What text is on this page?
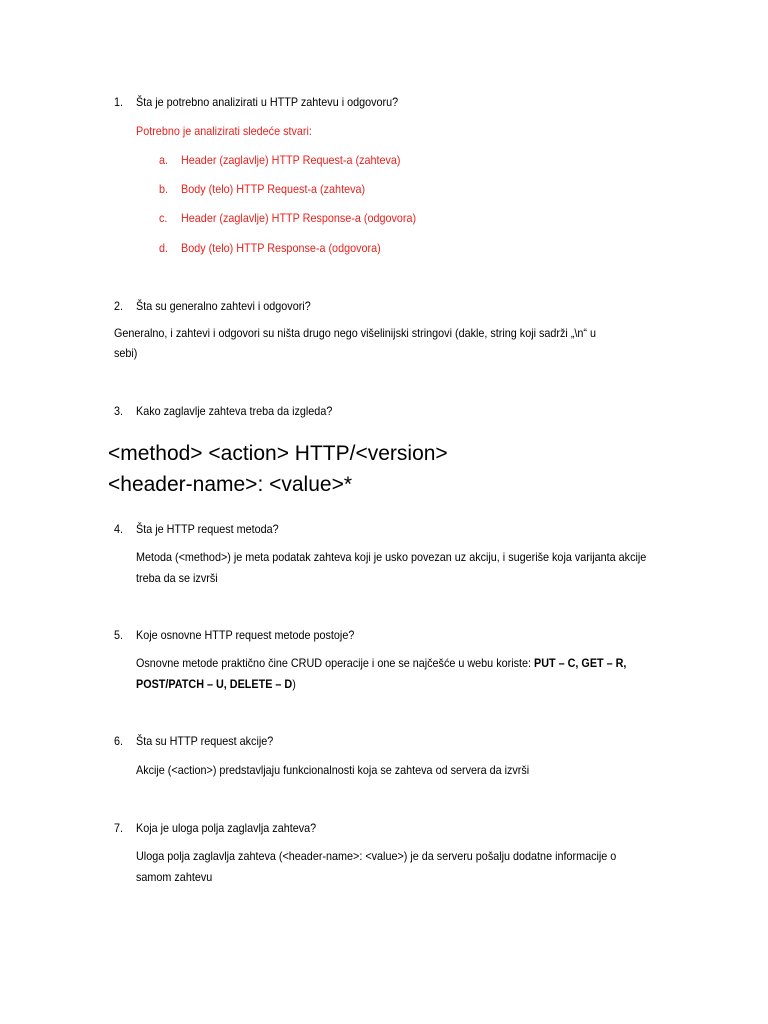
1. Šta je potrebno analizirati u HTTP zahtevu i odgovoru?
Potrebno je analizirati sledeće stvari:
a. Header (zaglavlje) HTTP Request-a (zahteva)
b. Body (telo) HTTP Request-a (zahteva)
c. Header (zaglavlje) HTTP Response-a (odgovora)
d. Body (telo) HTTP Response-a (odgovora)
2. Šta su generalno zahtevi i odgovori?
Generalno, i zahtevi i odgovori su ništa drugo nego višelinijski stringovi (dakle, string koji sadrži „\n“ u sebi)
3. Kako zaglavlje zahteva treba da izgleda?
<method> <action> HTTP/<version>
<header-name>: <value>*
4. Šta je HTTP request metoda?
Metoda (<method>) je meta podatak zahteva koji je usko povezan uz akciju, i sugeriše koja varijanta akcije treba da se izvrši
5. Koje osnovne HTTP request metode postoje?
Osnovne metode praktično čine CRUD operacije i one se najčešće u webu koriste: PUT – C, GET – R, POST/PATCH – U, DELETE – D)
6. Šta su HTTP request akcije?
Akcije (<action>) predstavljaju funkcionalnosti koja se zahteva od servera da izvrši
7. Koja je uloga polja zaglavlja zahteva?
Uloga polja zaglavlja zahteva (<header-name>: <value>) je da serveru pošalju dodatne informacije o samom zahtevu
